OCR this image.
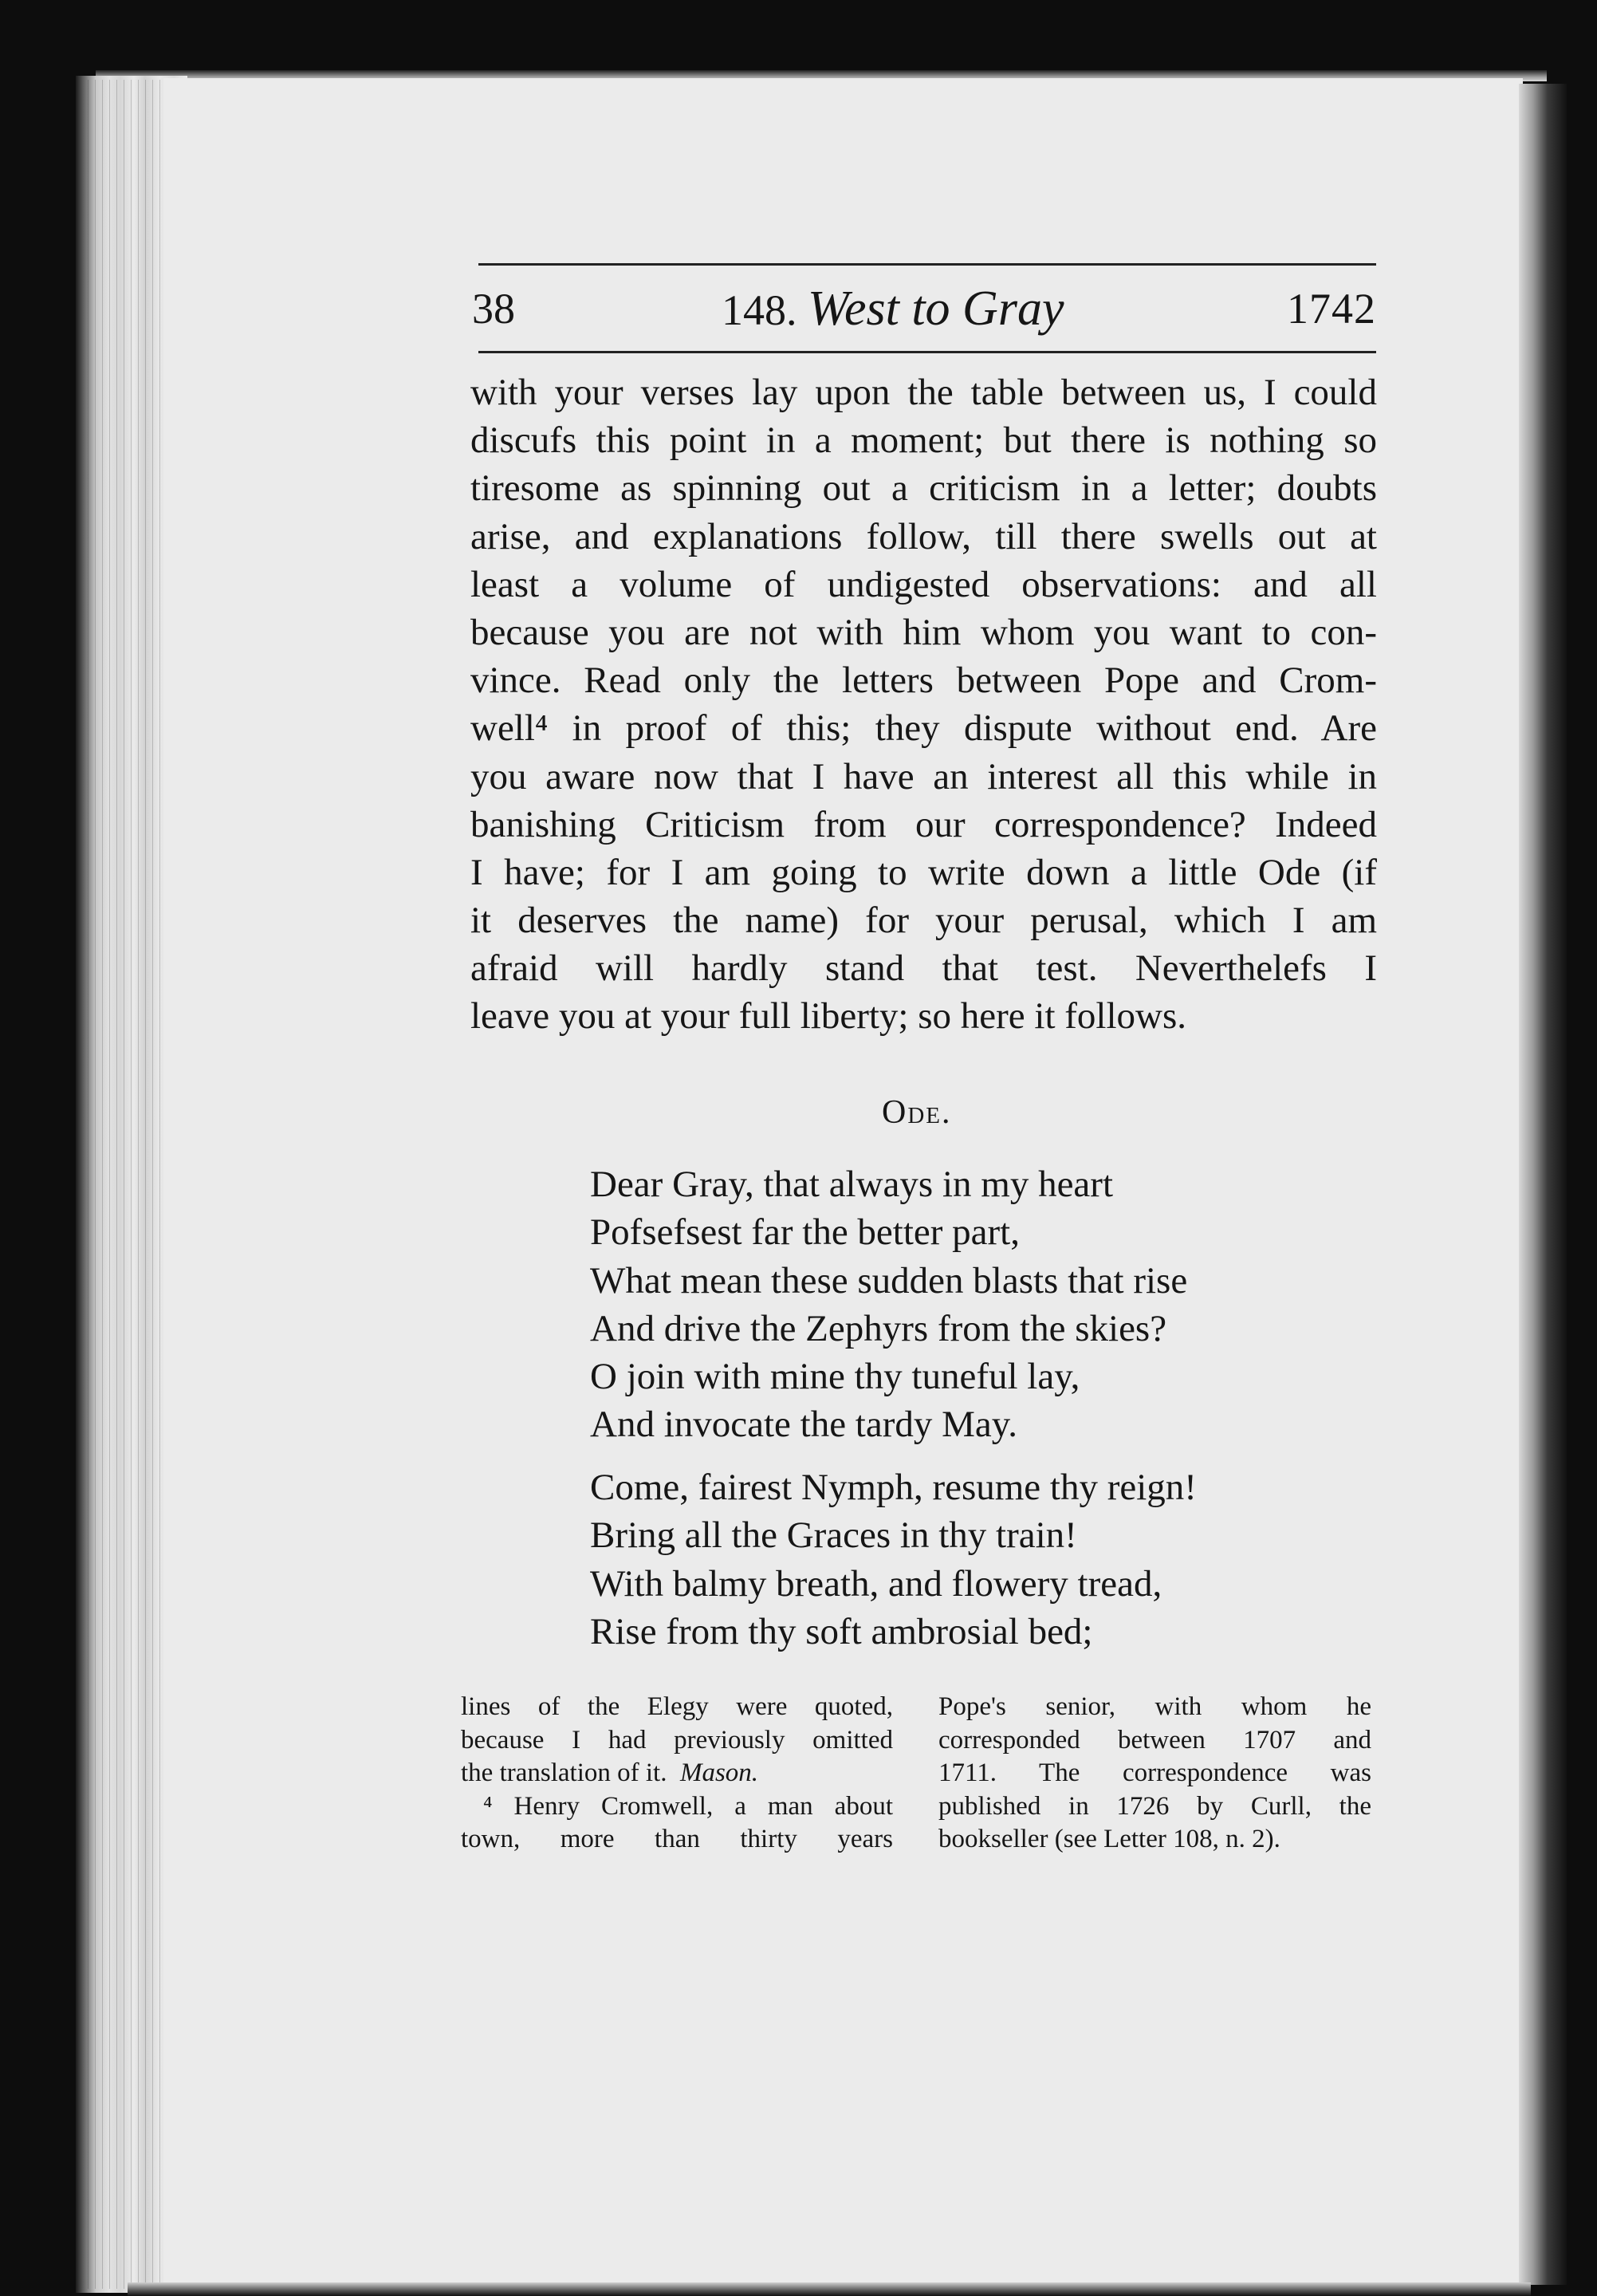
38	148. West to Gray	1742
with your verses lay upon the table between us, I could
discufs this point in a moment; but there is nothing so
tiresome as spinning out a criticism in a letter; doubts
arise, and explanations follow, till there swells out at
least a volume of undigested observations: and all
because you are not with him whom you want to con-
vince. Read only the letters between Pope and Crom-
well⁴ in proof of this; they dispute without end. Are
you aware now that I have an interest all this while in
banishing Criticism from our correspondence? Indeed
I have; for I am going to write down a little Ode (if
it deserves the name) for your perusal, which I am
afraid will hardly stand that test. Neverthelefs I
leave you at your full liberty; so here it follows.
Ode.
Dear Gray, that always in my heart
Pofsefsest far the better part,
What mean these sudden blasts that rise
And drive the Zephyrs from the skies?
O join with mine thy tuneful lay,
And invocate the tardy May.
Come, fairest Nymph, resume thy reign!
Bring all the Graces in thy train!
With balmy breath, and flowery tread,
Rise from thy soft ambrosial bed;
lines of the Elegy were quoted,
because I had previously omitted
the translation of it. Mason.
⁴ Henry Cromwell, a man about
town, more than thirty years
Pope's senior, with whom he
corresponded between 1707 and
1711. The correspondence was
published in 1726 by Curll, the
bookseller (see Letter 108, n. 2).
